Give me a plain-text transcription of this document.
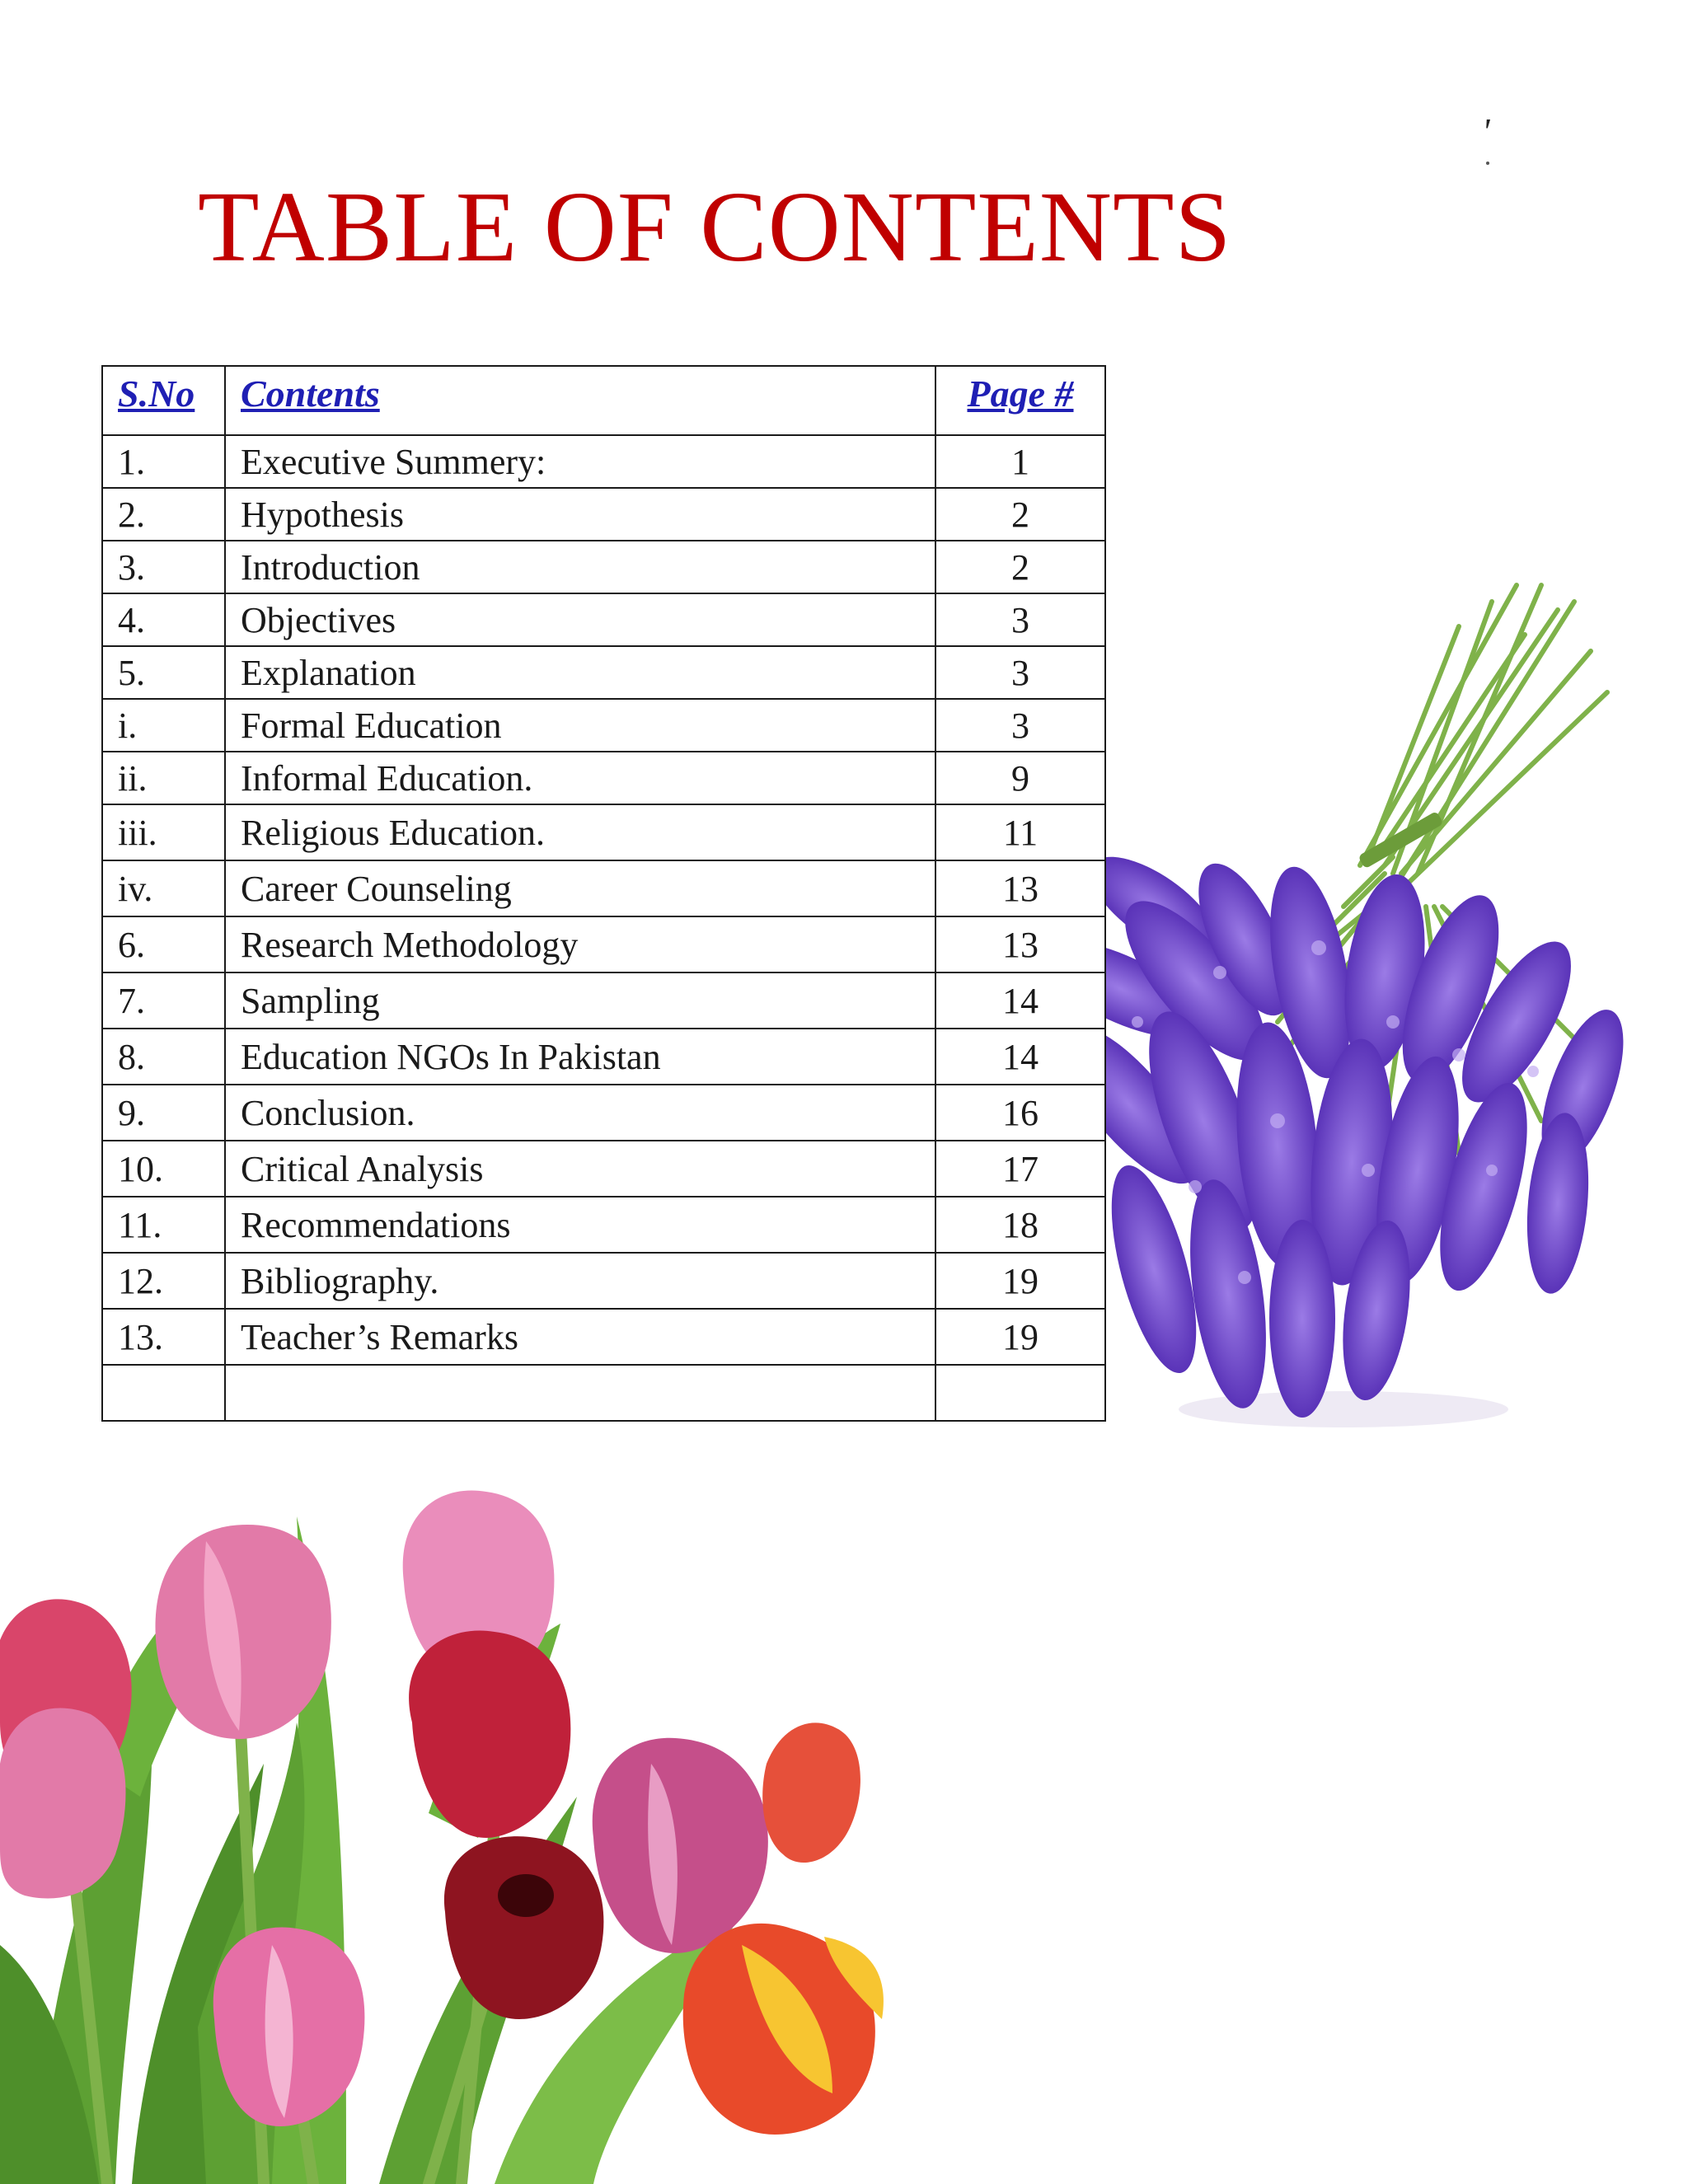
'
TABLE OF CONTENTS
S.No	Contents	Page #
1.	Executive Summery:	1
2.	Hypothesis	2
3.	Introduction	2
4.	Objectives	3
5.	Explanation	3
i.	Formal Education	3
ii.	Informal Education.	9
iii.	Religious Education.	11
iv.	Career Counseling	13
6.	Research Methodology	13
7.	Sampling	14
8.	Education NGOs In Pakistan	14
9.	Conclusion.	16
10.	Critical Analysis	17
11.	Recommendations	18
12.	Bibliography.	19
13.	Teacher’s Remarks	19
